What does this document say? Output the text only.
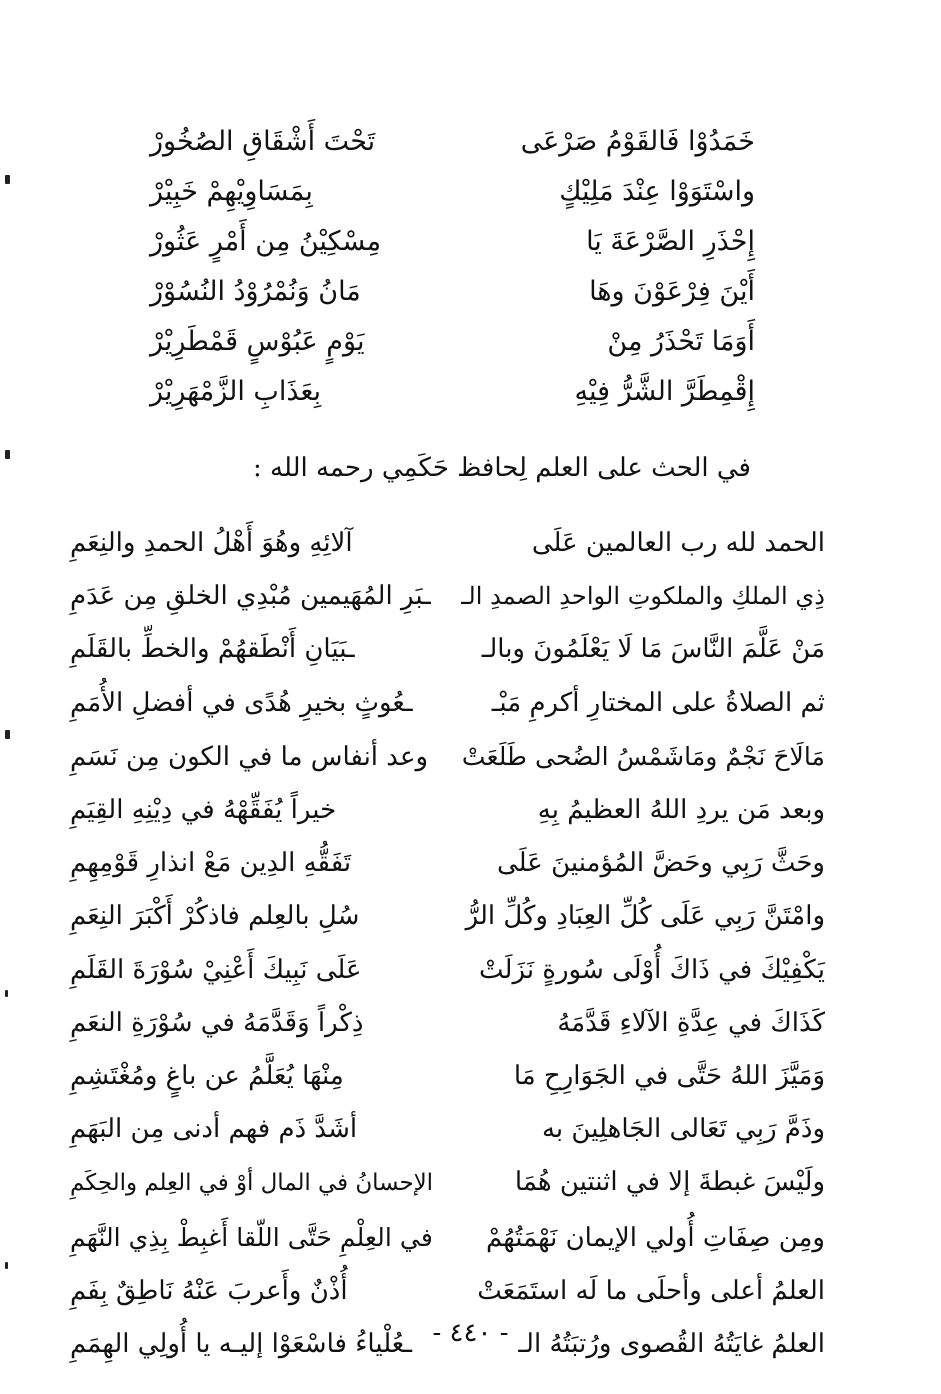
خَمَدُوْا فَالقَوْمُ صَرْعَى
تَحْتَ أَشْقَاقِ الصُخُورْ
واسْتَوَوْا عِنْدَ مَلِيْكٍ
بِمَسَاوِيْهِمْ خَبِيْرْ
إِحْذَرِ الصَّرْعَةَ يَا
مِسْكِيْنُ مِن أَمْرٍ عَثُورْ
أَيْنَ فِرْعَوْنَ وهَا
مَانُ وَنُمْرُوْدُ النُسُوْرْ
أَوَمَا تَحْذَرُ مِنْ
يَوْمٍ عَبُوْسٍ قَمْطَرِيْرْ
إِقْمِطَرَّ الشَّرُّ فِيْهِ
بِعَذَابِ الزَّمْهَرِيْرْ
في الحث على العلم لِحافظ حَكَمِي رحمه الله :
الحمد لله رب العالمين عَلَى
آلائِهِ وهُوَ أَهْلُ الحمدِ والنِعَمِ
ذِي الملكِ والملكوتِ الواحدِ الصمدِ الـ
ـبَرِ المُهَيمين مُبْدِي الخلقِ مِن عَدَمِ
مَنْ عَلَّمَ النَّاسَ مَا لَا يَعْلَمُونَ وبالـ
ـبَيَانِ أَنْطَقهُمْ والخطِّ بالقَلَمِ
ثم الصلاةُ على المختارِ أكرمِ مَبْـ
ـعُوثٍ بخيرِ هُدًى في أفضلِ الأُمَمِ
مَالَاحَ نَجْمٌ ومَاشَمْسُ الضُحى طَلَعَتْ
وعد أنفاس ما في الكون مِن نَسَمِ
وبعد مَن يردِ اللهُ العظيمُ بِهِ
خيراً يُفَقِّهْهُ في دِيْنِهِ القِيَمِ
وحَثَّ رَبِي وحَضَّ المُؤمنينَ عَلَى
تَفَقُّهِ الدِين مَعْ انذارِ قَوْمِهِمِ
وامْتَنَّ رَبِي عَلَى كُلِّ العِبَادِ وكُلِّ الرُّ
سُلِ بالعِلم فاذكُرْ أَكْبَرَ النِعَمِ
يَكْفِيْكَ في ذَاكَ أُوْلَى سُورةٍ نَزَلَتْ
عَلَى نَبِيكَ أَعْنِيْ سُوْرَةَ القَلَمِ
كَذَاكَ في عِدَّةِ الآلاءِ قَدَّمَهُ
ذِكْراً وَقَدَّمَهُ في سُوْرَةِ النعَمِ
وَمَيَّزَ اللهُ حَتَّى في الجَوَارِحِ مَا
مِنْهَا يُعَلَّمُ عن باغٍ ومُغْتَشِمِ
وذَمَّ رَبِي تَعَالى الجَاهلِينَ به
أشَدَّ ذَم فهم أدنى مِن البَهَمِ
ولَيْسَ غبطةَ إلا في اثنتين هُمَا
الإحسانُ في المال أوْ في العِلم والحِكَمِ
ومِن صِفَاتِ أُولي الإيمان نَهْمَتُهُمْ
في العِلْمِ حَتَّى اللّقا أَغبِطْ بِذِي النَّهَمِ
العلمُ أعلى وأحلَى ما لَه استَمَعَتْ
أُذْنٌ وأَعربَ عَنْهُ نَاطِقٌ بِفَمِ
العلمُ غايَتُهُ القُصوى ورُتبَتُهُ الـ
ـعُلْياءُ فاسْعَوْا إليـه يا أُولِي الهِمَمِ - ٤٤٠ -
